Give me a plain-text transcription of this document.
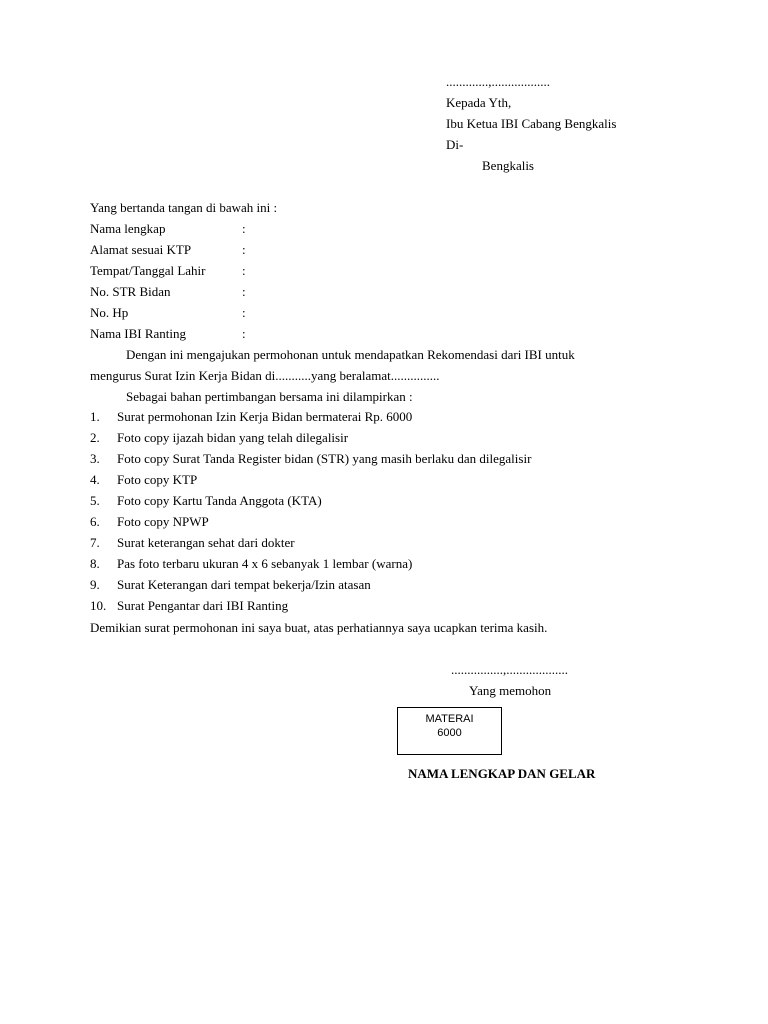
.............,..................
Kepada Yth,
Ibu Ketua IBI Cabang Bengkalis
Di-
Bengkalis
Yang bertanda tangan di bawah ini :
Nama lengkap	:
Alamat sesuai KTP	:
Tempat/Tanggal Lahir	:
No. STR Bidan	:
No. Hp	:
Nama IBI Ranting	:
Dengan ini mengajukan permohonan untuk mendapatkan Rekomendasi dari IBI untuk
mengurus Surat Izin Kerja Bidan di...........yang beralamat...............
Sebagai bahan pertimbangan bersama ini dilampirkan :
1. Surat permohonan Izin Kerja Bidan bermaterai Rp. 6000
2. Foto copy ijazah bidan yang telah dilegalisir
3. Foto copy Surat Tanda Register bidan (STR) yang masih berlaku dan dilegalisir
4. Foto copy KTP
5. Foto copy Kartu Tanda Anggota (KTA)
6. Foto copy NPWP
7. Surat keterangan sehat dari dokter
8. Pas foto terbaru ukuran 4 x 6 sebanyak 1 lembar (warna)
9. Surat Keterangan dari tempat bekerja/Izin atasan
10. Surat Pengantar dari IBI Ranting
Demikian surat permohonan ini saya buat, atas perhatiannya saya ucapkan terima kasih.
................,...................
Yang memohon
MATERAI
6000
NAMA LENGKAP DAN GELAR
